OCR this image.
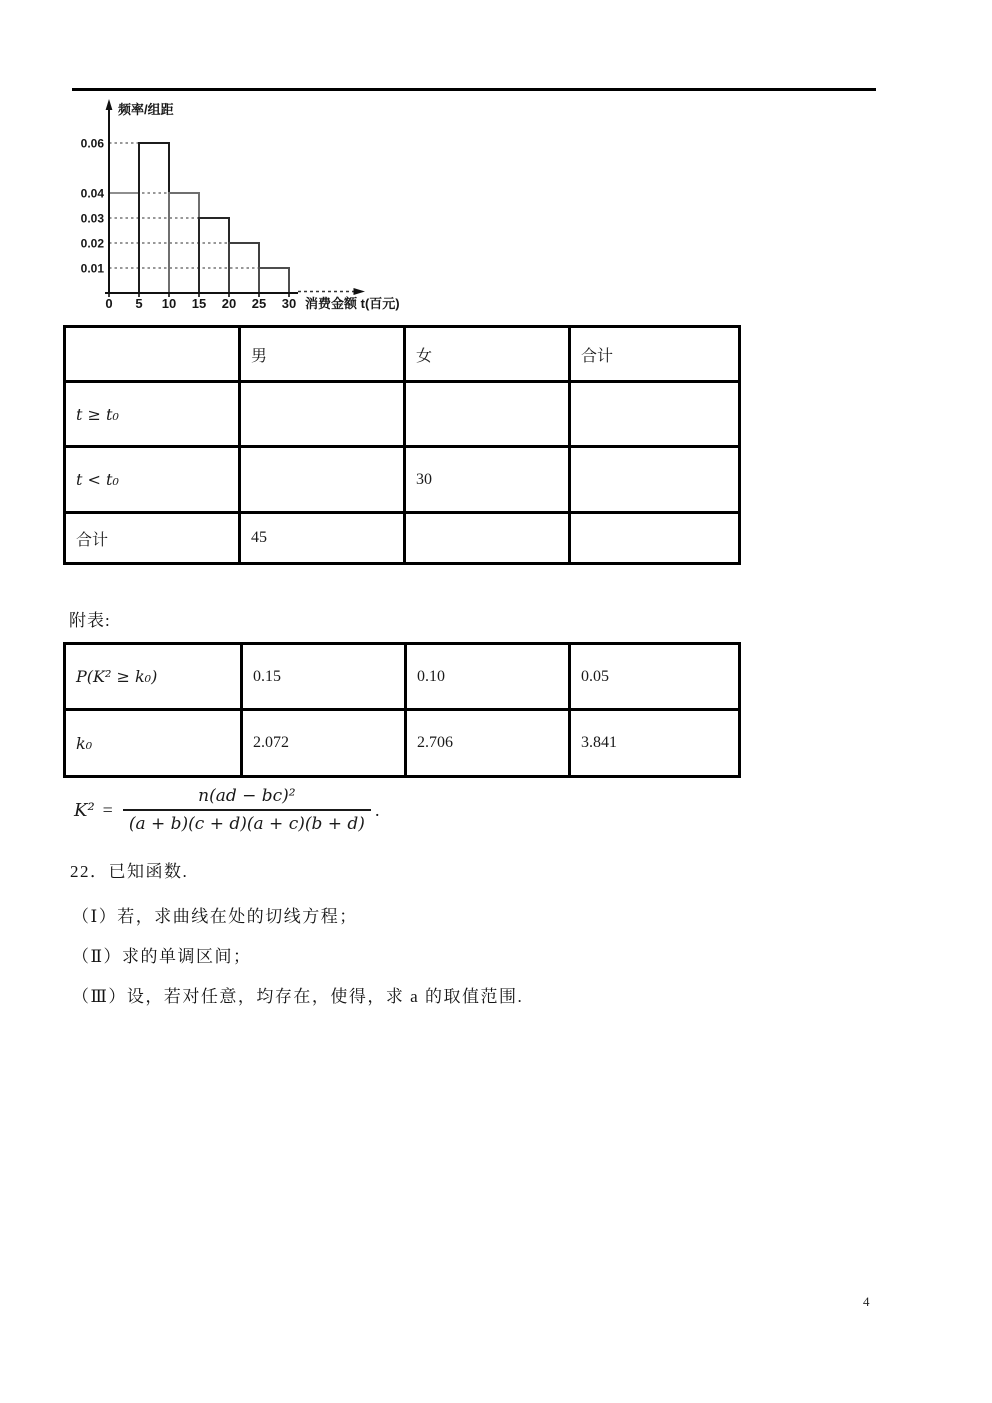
0.01
0.02
0.03
0.04
0.06
0 5 10 15 20 25 30
频率/组距
消费金额 t(百元)
	男	女	合计
t ≥ t₀			
t < t₀		30	
合计	45		
附表:
P(K² ≥ k₀)	0.15	0.10	0.05
k₀	2.072	2.706	3.841
$K^2 = \frac{\text{n(ad − bc)²}}{(a + b)(c + d)(a + c)(b + d)}$ .
22．已知函数.
（Ⅰ）若，求曲线在处的切线方程；
（Ⅱ）求的单调区间；
（Ⅲ）设，若对任意，均存在，使得，求 a 的取值范围.
4
